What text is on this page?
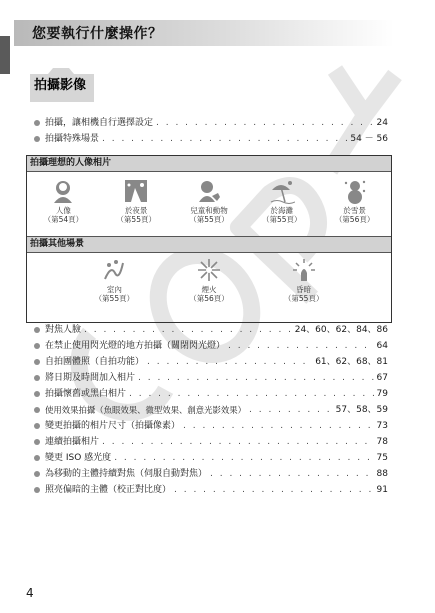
您要執行什麼操作？
拍攝影像
拍攝，讓相機自行選擇設定 . . .	24
拍攝特殊場景 . . .	54 － 56
拍攝理想的人像相片
人像
（第54頁）
於夜景
（第55頁）
兒童和動物
（第55頁）
於海灘
（第55頁）
於雪景
（第56頁）
拍攝其他場景
室內
（第55頁）
煙火
（第56頁）
昏暗
（第55頁）
對焦人臉 . . .	24、60、62、84、86
在禁止使用閃光燈的地方拍攝（關閉閃光燈） . . .	64
自拍團體照（自拍功能） . . .	61、62、68、81
將日期及時間加入相片 . . .	67
拍攝懷舊或黑白相片 . . .	79
使用效果拍攝（魚眼效果、微型效果、創意光影效果） . . .	57、58、59
變更拍攝的相片尺寸（拍攝像素） . . .	73
連續拍攝相片 . . .	78
變更 ISO 感光度 . . .	75
為移動的主體持續對焦（伺服自動對焦） . . .	88
照亮偏暗的主體（校正對比度） . . .	91
4
